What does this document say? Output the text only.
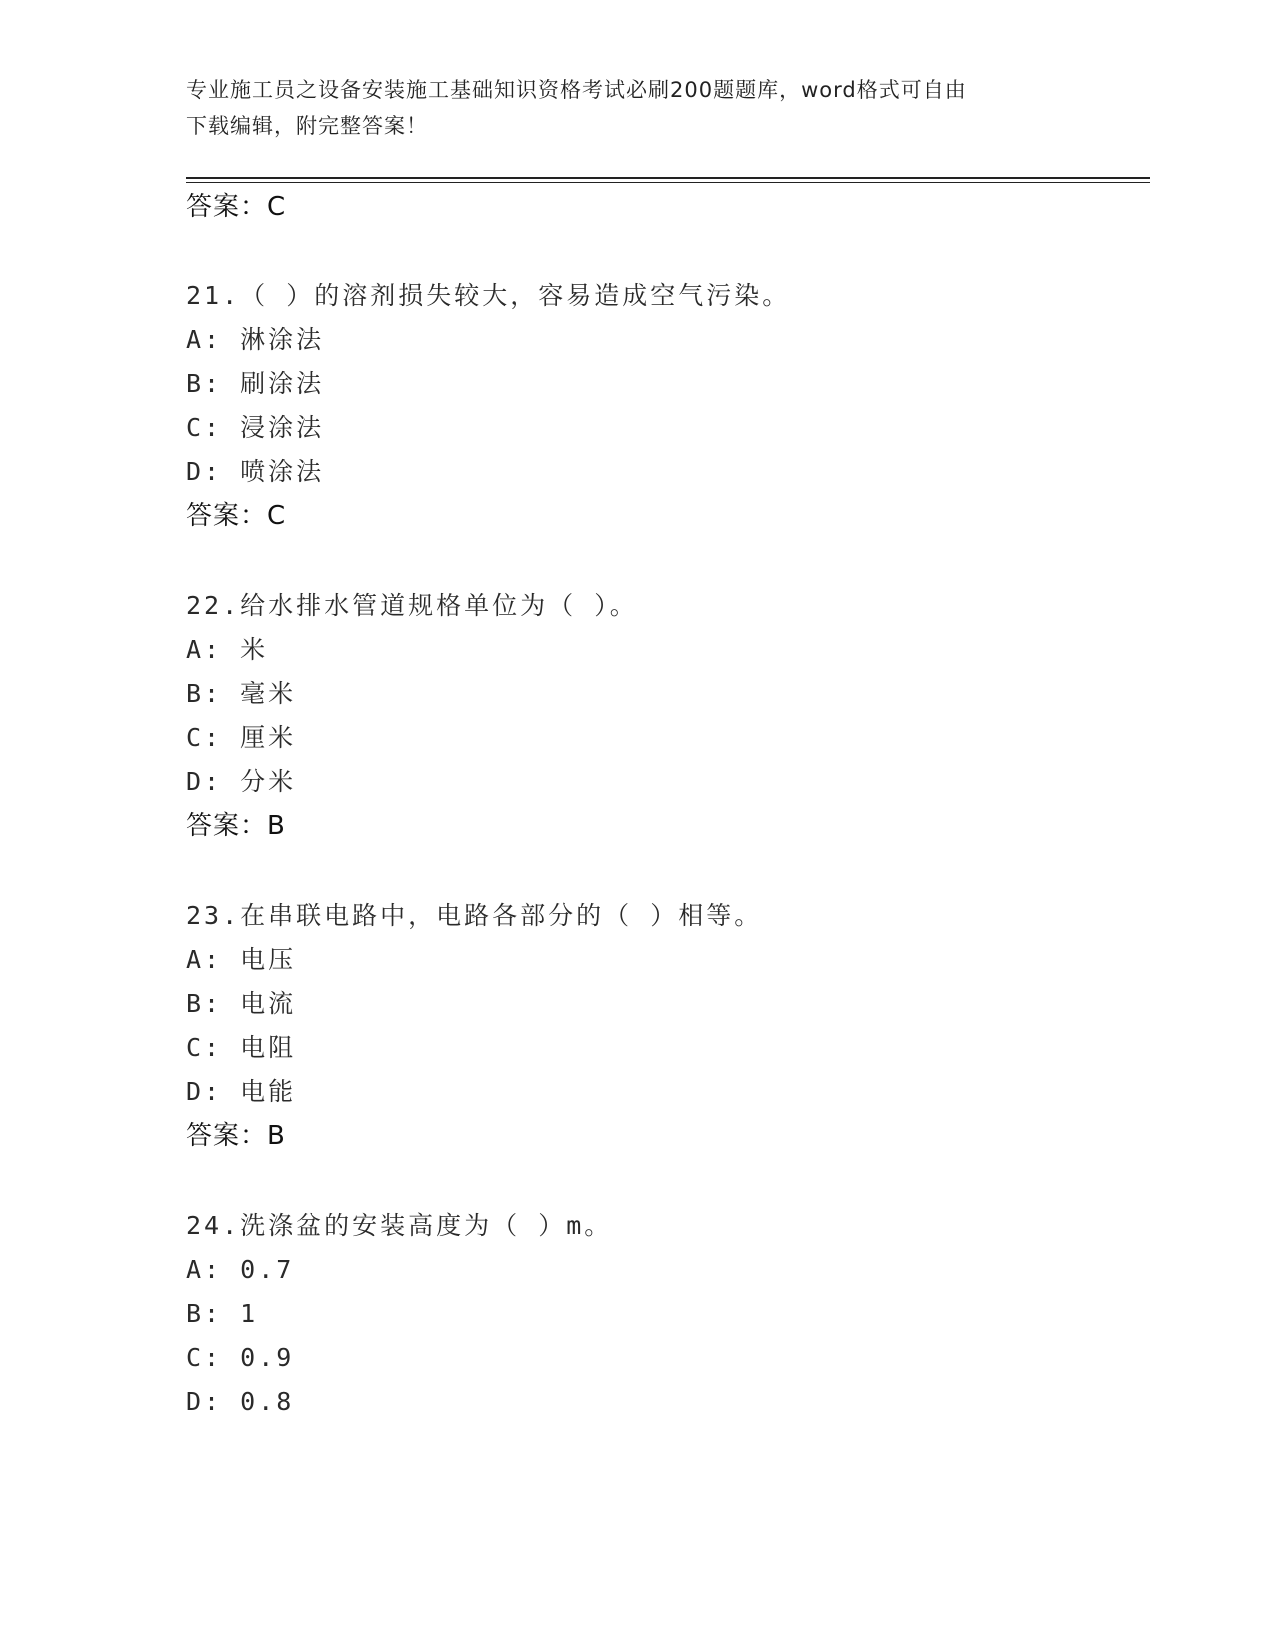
专业施工员之设备安装施工基础知识资格考试必刷200题题库，word格式可自由
下载编辑，附完整答案！
答案：C
21.（ ）的溶剂损失较大，容易造成空气污染。
A: 淋涂法
B: 刷涂法
C: 浸涂法
D: 喷涂法
答案：C
22.给水排水管道规格单位为（ ）。
A: 米
B: 毫米
C: 厘米
D: 分米
答案：B
23.在串联电路中，电路各部分的（ ）相等。
A: 电压
B: 电流
C: 电阻
D: 电能
答案：B
24.洗涤盆的安装高度为（ ）m。
A: 0.7
B: 1
C: 0.9
D: 0.8
